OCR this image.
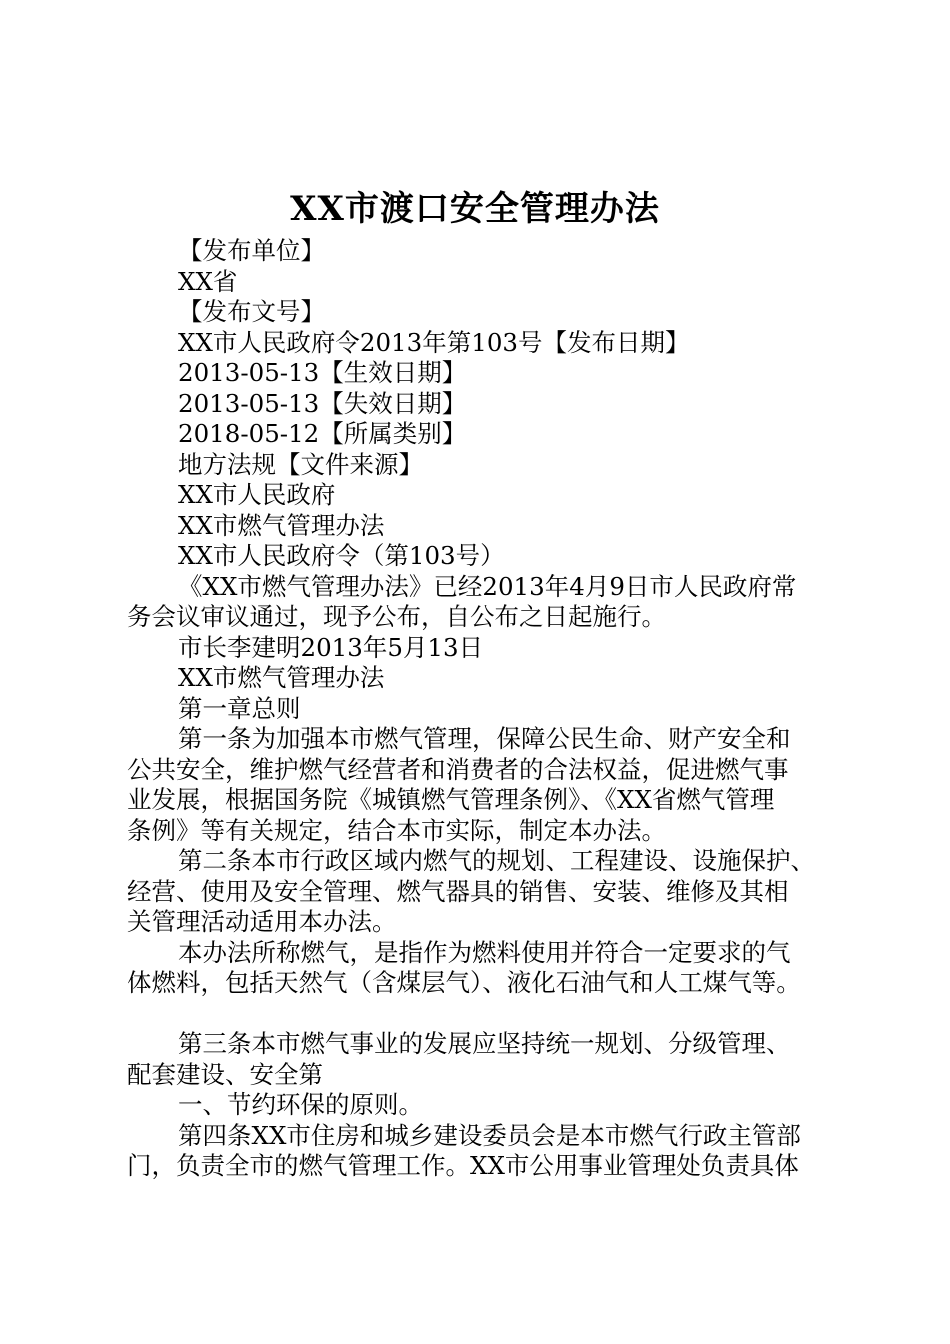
XX市渡口安全管理办法
【发布单位】
XX省
【发布文号】
XX市人民政府令2013年第103号【发布日期】
2013-05-13【生效日期】
2013-05-13【失效日期】
2018-05-12【所属类别】
地方法规【文件来源】
XX市人民政府
XX市燃气管理办法
XX市人民政府令（第103号）
《XX市燃气管理办法》已经2013年4月9日市人民政府常
务会议审议通过，现予公布，自公布之日起施行。
市长李建明2013年5月13日
XX市燃气管理办法
第一章总则
第一条为加强本市燃气管理，保障公民生命、财产安全和
公共安全，维护燃气经营者和消费者的合法权益，促进燃气事
业发展，根据国务院《城镇燃气管理条例》、《XX省燃气管理
条例》等有关规定，结合本市实际，制定本办法。
第二条本市行政区域内燃气的规划、工程建设、设施保护、
经营、使用及安全管理、燃气器具的销售、安装、维修及其相
关管理活动适用本办法。
本办法所称燃气，是指作为燃料使用并符合一定要求的气
体燃料，包括天然气（含煤层气）、液化石油气和人工煤气等。
第三条本市燃气事业的发展应坚持统一规划、分级管理、
配套建设、安全第
一、节约环保的原则。
第四条XX市住房和城乡建设委员会是本市燃气行政主管部
门，负责全市的燃气管理工作。XX市公用事业管理处负责具体
